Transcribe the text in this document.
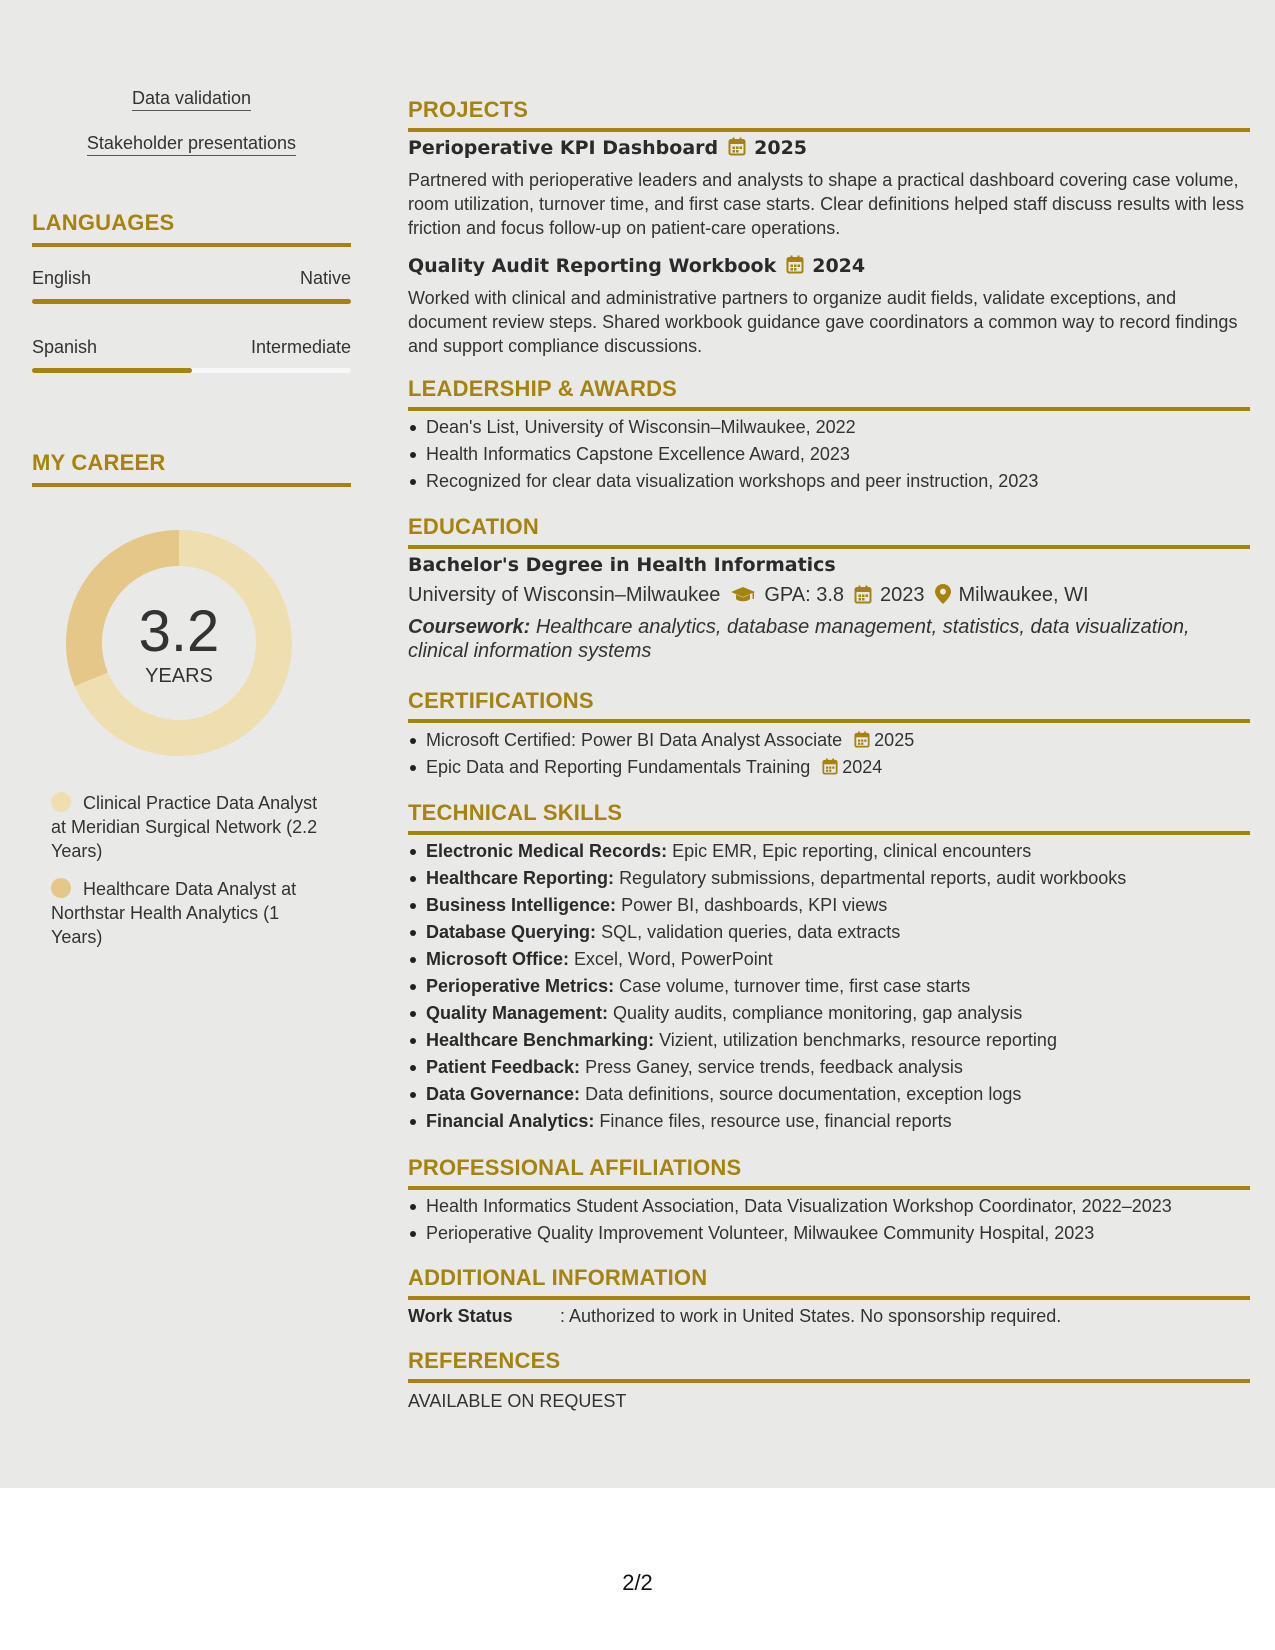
Data validation
Stakeholder presentations
LANGUAGES
English	Native
Spanish	Intermediate
MY CAREER
3.2
YEARS
Clinical Practice Data Analyst at Meridian Surgical Network (2.2 Years)
Healthcare Data Analyst at Northstar Health Analytics (1 Years)
PROJECTS
Perioperative KPI Dashboard 2025
Partnered with perioperative leaders and analysts to shape a practical dashboard covering case volume, room utilization, turnover time, and first case starts. Clear definitions helped staff discuss results with less friction and focus follow-up on patient-care operations.
Quality Audit Reporting Workbook 2024
Worked with clinical and administrative partners to organize audit fields, validate exceptions, and document review steps. Shared workbook guidance gave coordinators a common way to record findings and support compliance discussions.
LEADERSHIP & AWARDS
Dean's List, University of Wisconsin–Milwaukee, 2022
Health Informatics Capstone Excellence Award, 2023
Recognized for clear data visualization workshops and peer instruction, 2023
EDUCATION
Bachelor's Degree in Health Informatics
University of Wisconsin–Milwaukee GPA: 3.8 2023 Milwaukee, WI
Coursework: Healthcare analytics, database management, statistics, data visualization, clinical information systems
CERTIFICATIONS
Microsoft Certified: Power BI Data Analyst Associate 2025
Epic Data and Reporting Fundamentals Training 2024
TECHNICAL SKILLS
Electronic Medical Records: Epic EMR, Epic reporting, clinical encounters
Healthcare Reporting: Regulatory submissions, departmental reports, audit workbooks
Business Intelligence: Power BI, dashboards, KPI views
Database Querying: SQL, validation queries, data extracts
Microsoft Office: Excel, Word, PowerPoint
Perioperative Metrics: Case volume, turnover time, first case starts
Quality Management: Quality audits, compliance monitoring, gap analysis
Healthcare Benchmarking: Vizient, utilization benchmarks, resource reporting
Patient Feedback: Press Ganey, service trends, feedback analysis
Data Governance: Data definitions, source documentation, exception logs
Financial Analytics: Finance files, resource use, financial reports
PROFESSIONAL AFFILIATIONS
Health Informatics Student Association, Data Visualization Workshop Coordinator, 2022–2023
Perioperative Quality Improvement Volunteer, Milwaukee Community Hospital, 2023
ADDITIONAL INFORMATION
Work Status	: Authorized to work in United States. No sponsorship required.
REFERENCES
AVAILABLE ON REQUEST
2/2
